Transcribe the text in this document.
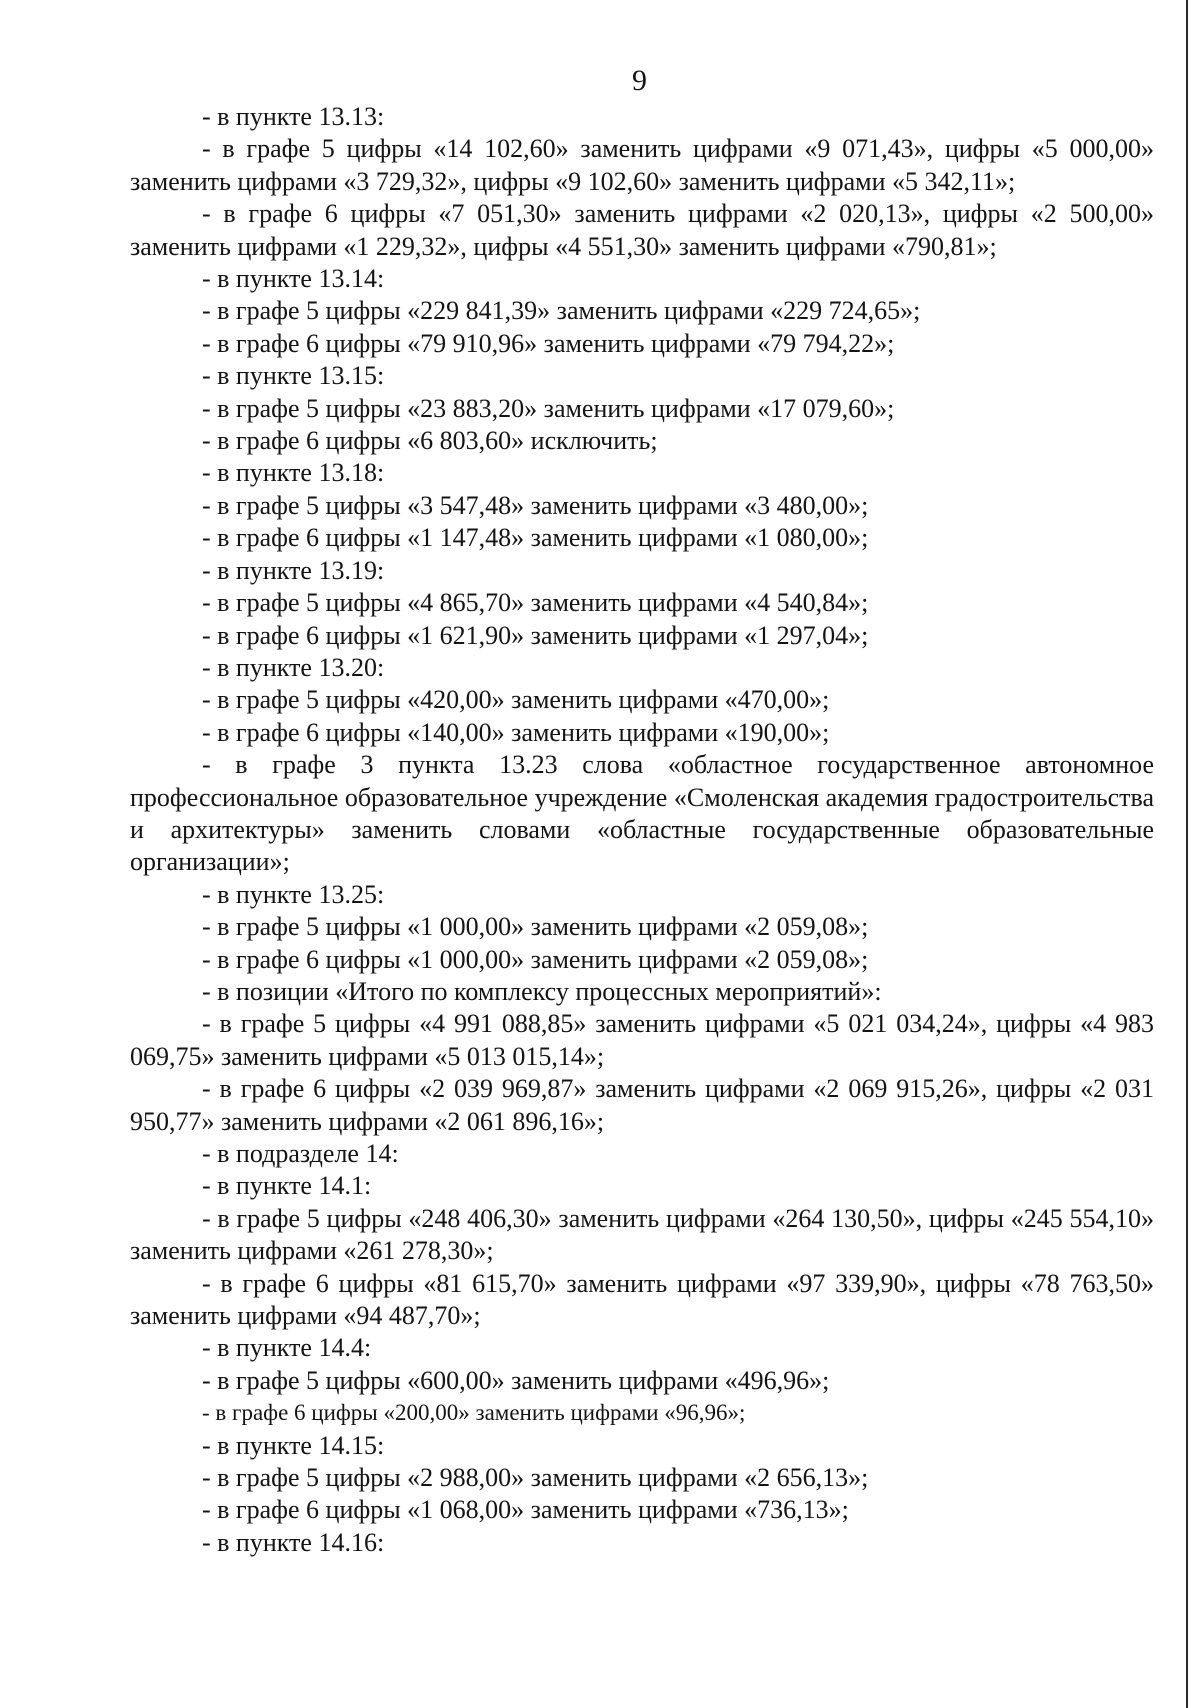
9

- в пункте 13.13:

- в графе 5 цифры «14 102,60» заменить цифрами «9 071,43», цифры «5 000,00» заменить цифрами «3 729,32», цифры «9 102,60» заменить цифрами «5 342,11»;

- в графе 6 цифры «7 051,30» заменить цифрами «2 020,13», цифры «2 500,00» заменить цифрами «1 229,32», цифры «4 551,30» заменить цифрами «790,81»;

- в пункте 13.14:

- в графе 5 цифры «229 841,39» заменить цифрами «229 724,65»;

- в графе 6 цифры «79 910,96» заменить цифрами «79 794,22»;

- в пункте 13.15:

- в графе 5 цифры «23 883,20» заменить цифрами «17 079,60»;

- в графе 6 цифры «6 803,60» исключить;

- в пункте 13.18:

- в графе 5 цифры «3 547,48» заменить цифрами «3 480,00»;

- в графе 6 цифры «1 147,48» заменить цифрами «1 080,00»;

- в пункте 13.19:

- в графе 5 цифры «4 865,70» заменить цифрами «4 540,84»;

- в графе 6 цифры «1 621,90» заменить цифрами «1 297,04»;

- в пункте 13.20:

- в графе 5 цифры «420,00» заменить цифрами «470,00»;

- в графе 6 цифры «140,00» заменить цифрами «190,00»;

- в графе 3 пункта 13.23 слова «областное государственное автономное профессиональное образовательное учреждение «Смоленская академия градостроительства и архитектуры» заменить словами «областные государственные образовательные организации»;

- в пункте 13.25:

- в графе 5 цифры «1 000,00» заменить цифрами «2 059,08»;

- в графе 6 цифры «1 000,00» заменить цифрами «2 059,08»;

- в позиции «Итого по комплексу процессных мероприятий»:

- в графе 5 цифры «4 991 088,85» заменить цифрами «5 021 034,24», цифры «4 983 069,75» заменить цифрами «5 013 015,14»;

- в графе 6 цифры «2 039 969,87» заменить цифрами «2 069 915,26», цифры «2 031 950,77» заменить цифрами «2 061 896,16»;

- в подразделе 14:

- в пункте 14.1:

- в графе 5 цифры «248 406,30» заменить цифрами «264 130,50», цифры «245 554,10» заменить цифрами «261 278,30»;

- в графе 6 цифры «81 615,70» заменить цифрами «97 339,90», цифры «78 763,50» заменить цифрами «94 487,70»;

- в пункте 14.4:

- в графе 5 цифры «600,00» заменить цифрами «496,96»;

- в графе 6 цифры «200,00» заменить цифрами «96,96»;

- в пункте 14.15:

- в графе 5 цифры «2 988,00» заменить цифрами «2 656,13»;

- в графе 6 цифры «1 068,00» заменить цифрами «736,13»;

- в пункте 14.16:
